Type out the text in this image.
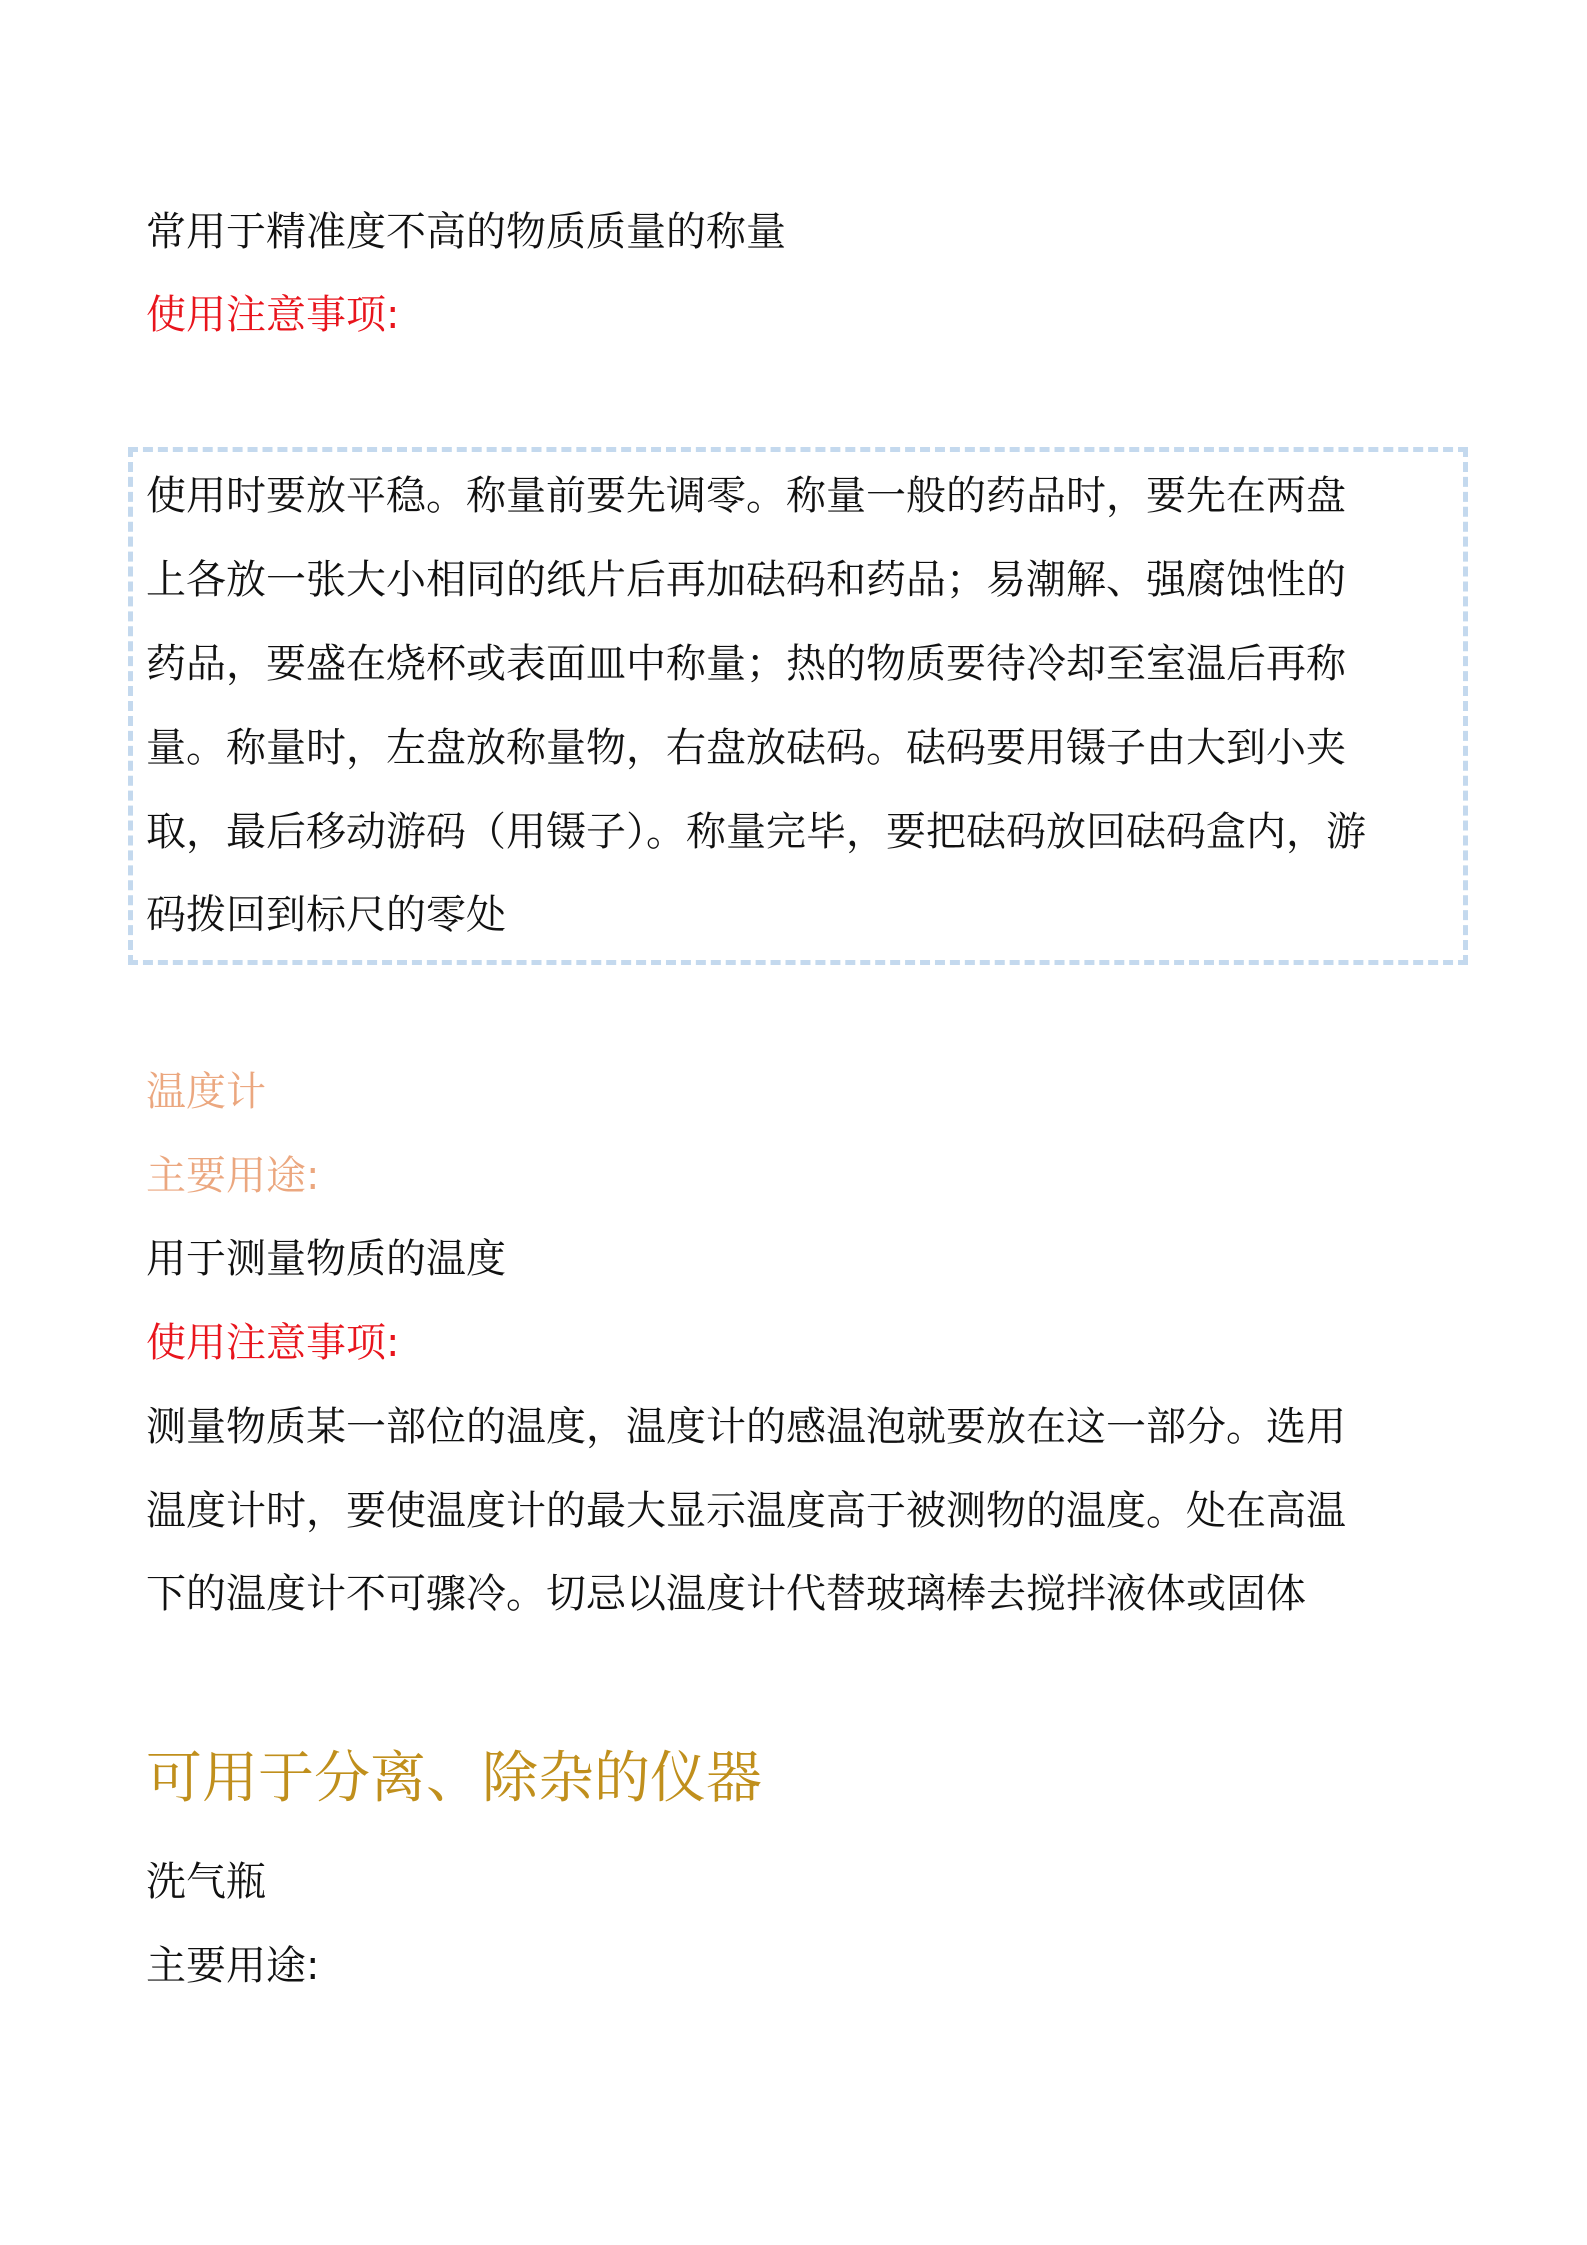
常用于精准度不高的物质质量的称量

使用注意事项:

使用时要放平稳。称量前要先调零。称量一般的药品时，要先在两盘

上各放一张大小相同的纸片后再加砝码和药品；易潮解、强腐蚀性的

药品，要盛在烧杯或表面皿中称量；热的物质要待冷却至室温后再称

量。称量时，左盘放称量物，右盘放砝码。砝码要用镊子由大到小夹

取，最后移动游码（用镊子）。称量完毕，要把砝码放回砝码盒内，游

码拨回到标尺的零处

温度计

主要用途:

用于测量物质的温度

使用注意事项:

测量物质某一部位的温度，温度计的感温泡就要放在这一部分。选用

温度计时，要使温度计的最大显示温度高于被测物的温度。处在高温

下的温度计不可骤冷。切忌以温度计代替玻璃棒去搅拌液体或固体

可用于分离、除杂的仪器

洗气瓶

主要用途:
